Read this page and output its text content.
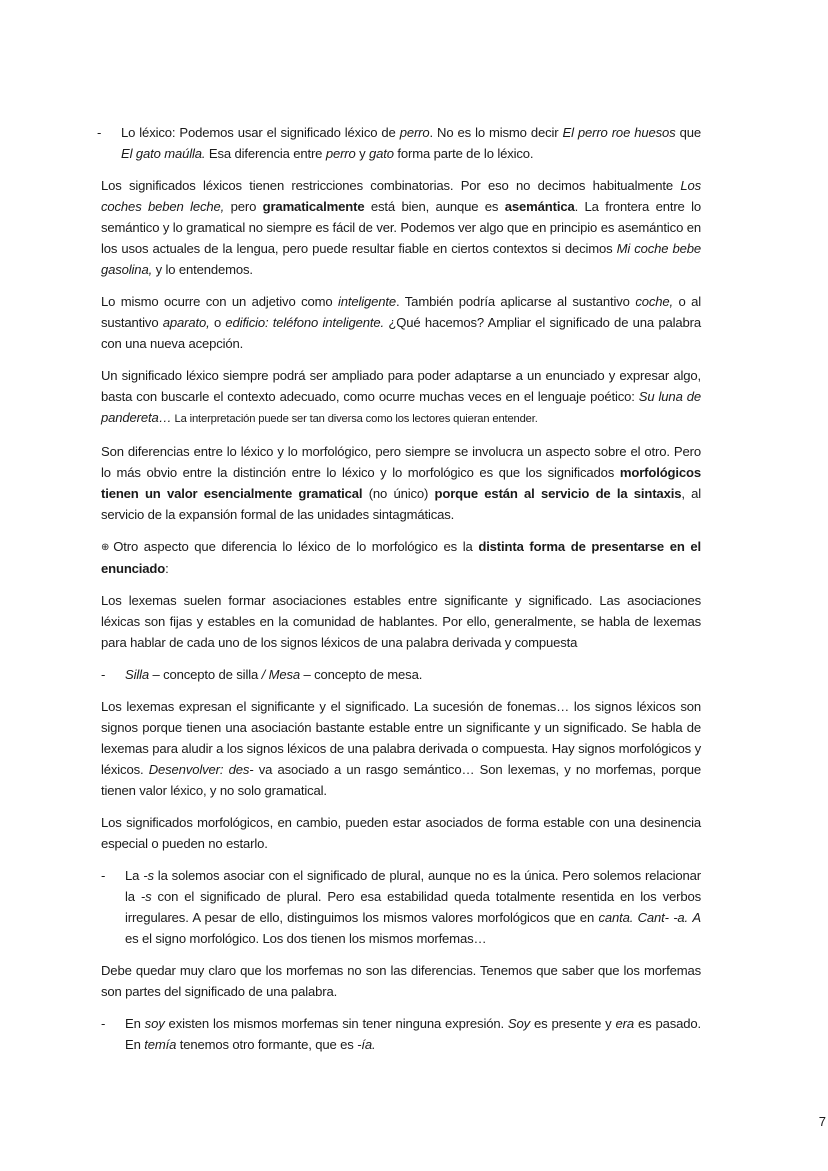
-	Lo léxico: Podemos usar el significado léxico de perro. No es lo mismo decir El perro roe huesos que El gato maúlla. Esa diferencia entre perro y gato forma parte de lo léxico.
Los significados léxicos tienen restricciones combinatorias. Por eso no decimos habitualmente Los coches beben leche, pero gramaticalmente está bien, aunque es asemántica. La frontera entre lo semántico y lo gramatical no siempre es fácil de ver. Podemos ver algo que en principio es asemántico en los usos actuales de la lengua, pero puede resultar fiable en ciertos contextos si decimos Mi coche bebe gasolina, y lo entendemos.
Lo mismo ocurre con un adjetivo como inteligente. También podría aplicarse al sustantivo coche, o al sustantivo aparato, o edificio: teléfono inteligente. ¿Qué hacemos? Ampliar el significado de una palabra con una nueva acepción.
Un significado léxico siempre podrá ser ampliado para poder adaptarse a un enunciado y expresar algo, basta con buscarle el contexto adecuado, como ocurre muchas veces en el lenguaje poético: Su luna de pandereta… La interpretación puede ser tan diversa como los lectores quieran entender.
Son diferencias entre lo léxico y lo morfológico, pero siempre se involucra un aspecto sobre el otro. Pero lo más obvio entre la distinción entre lo léxico y lo morfológico es que los significados morfológicos tienen un valor esencialmente gramatical (no único) porque están al servicio de la sintaxis, al servicio de la expansión formal de las unidades sintagmáticas.
⊕ Otro aspecto que diferencia lo léxico de lo morfológico es la distinta forma de presentarse en el enunciado:
Los lexemas suelen formar asociaciones estables entre significante y significado. Las asociaciones léxicas son fijas y estables en la comunidad de hablantes. Por ello, generalmente, se habla de lexemas para hablar de cada uno de los signos léxicos de una palabra derivada y compuesta
-	Silla – concepto de silla / Mesa – concepto de mesa.
Los lexemas expresan el significante y el significado. La sucesión de fonemas… los signos léxicos son signos porque tienen una asociación bastante estable entre un significante y un significado. Se habla de lexemas para aludir a los signos léxicos de una palabra derivada o compuesta. Hay signos morfológicos y léxicos. Desenvolver: des- va asociado a un rasgo semántico… Son lexemas, y no morfemas, porque tienen valor léxico, y no solo gramatical.
Los significados morfológicos, en cambio, pueden estar asociados de forma estable con una desinencia especial o pueden no estarlo.
-	La -s la solemos asociar con el significado de plural, aunque no es la única. Pero solemos relacionar la -s con el significado de plural. Pero esa estabilidad queda totalmente resentida en los verbos irregulares. A pesar de ello, distinguimos los mismos valores morfológicos que en canta. Cant- -a. A es el signo morfológico. Los dos tienen los mismos morfemas…
Debe quedar muy claro que los morfemas no son las diferencias. Tenemos que saber que los morfemas son partes del significado de una palabra.
-	En soy existen los mismos morfemas sin tener ninguna expresión. Soy es presente y era es pasado. En temía tenemos otro formante, que es -ía.
7
